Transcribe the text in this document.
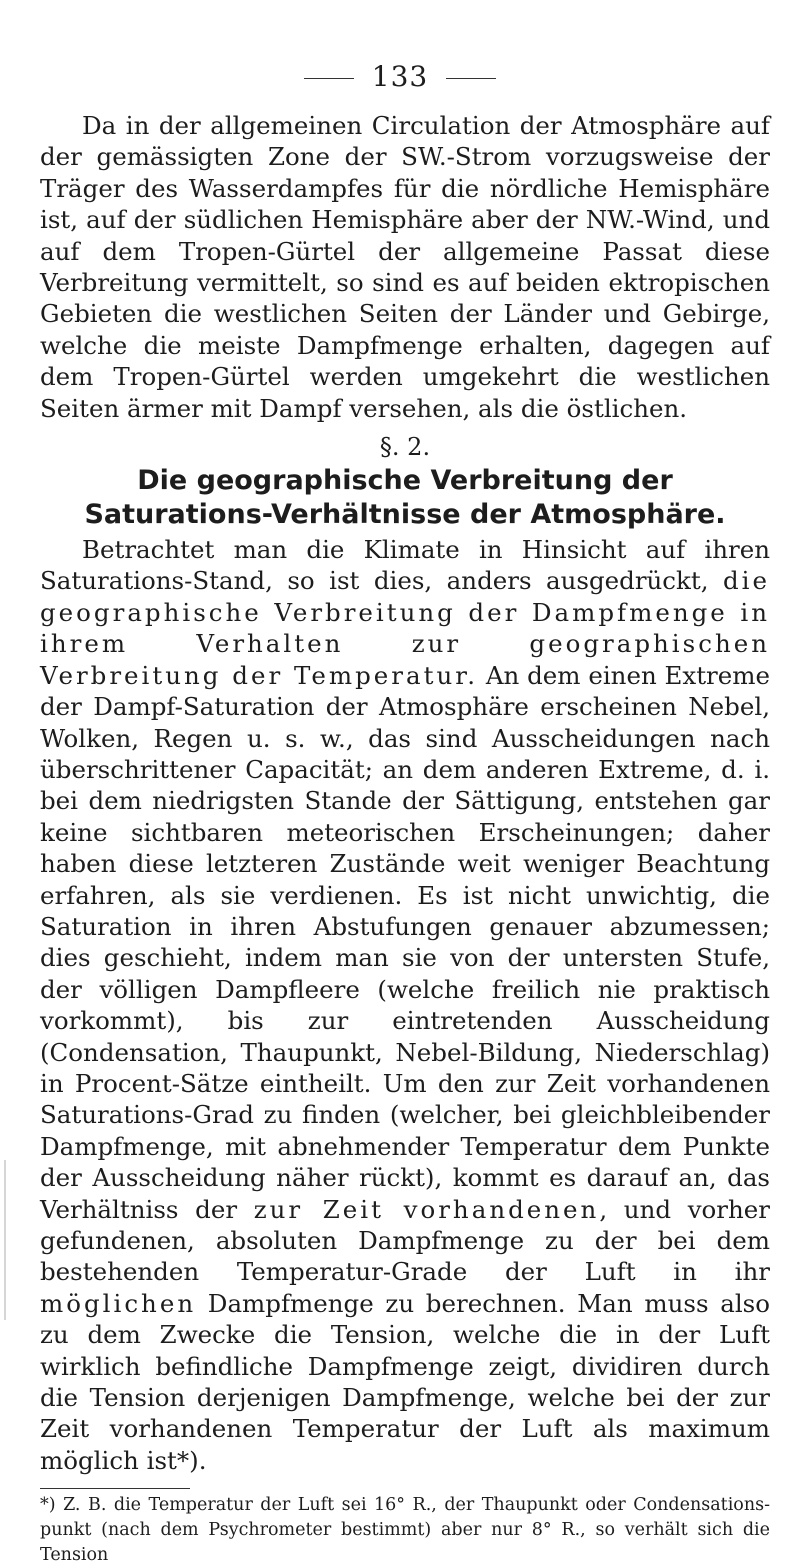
133

Da in der allgemeinen Circulation der Atmosphäre auf der gemässigten Zone der SW.-Strom vorzugsweise der Träger des Wasserdampfes für die nördliche Hemisphäre ist, auf der südlichen Hemisphäre aber der NW.-Wind, und auf dem Tropen-Gürtel der allgemeine Passat diese Verbreitung vermittelt, so sind es auf beiden ektropischen Gebieten die westlichen Seiten der Länder und Gebirge, welche die meiste Dampfmenge erhalten, dagegen auf dem Tropen-Gürtel werden umgekehrt die westlichen Seiten ärmer mit Dampf versehen, als die östlichen.

§. 2.
Die geographische Verbreitung der Saturations-Verhältnisse der Atmosphäre.

Betrachtet man die Klimate in Hinsicht auf ihren Saturations-Stand, so ist dies, anders ausgedrückt, die geographische Verbreitung der Dampfmenge in ihrem Verhalten zur geographischen Verbreitung der Temperatur. An dem einen Extreme der Dampf-Saturation der Atmosphäre erscheinen Nebel, Wolken, Regen u. s. w., das sind Ausscheidungen nach überschrittener Capacität; an dem anderen Extreme, d. i. bei dem niedrigsten Stande der Sättigung, entstehen gar keine sichtbaren meteorischen Erscheinungen; daher haben diese letzteren Zustände weit weniger Beachtung erfahren, als sie verdienen. Es ist nicht unwichtig, die Saturation in ihren Abstufungen genauer abzumessen; dies geschieht, indem man sie von der untersten Stufe, der völligen Dampfleere (welche freilich nie praktisch vorkommt), bis zur eintretenden Ausscheidung (Condensation, Thaupunkt, Nebel-Bildung, Niederschlag) in Procent-Sätze eintheilt. Um den zur Zeit vorhandenen Saturations-Grad zu finden (welcher, bei gleichbleibender Dampfmenge, mit abnehmender Temperatur dem Punkte der Ausscheidung näher rückt), kommt es darauf an, das Verhältniss der zur Zeit vorhandenen, und vorher gefundenen, absoluten Dampfmenge zu der bei dem bestehenden Temperatur-Grade der Luft in ihr möglichen Dampfmenge zu berechnen. Man muss also zu dem Zwecke die Tension, welche die in der Luft wirklich befindliche Dampfmenge zeigt, dividiren durch die Tension derjenigen Dampfmenge, welche bei der zur Zeit vorhandenen Temperatur der Luft als maximum möglich ist*).

*) Z. B. die Temperatur der Luft sei 16° R., der Thaupunkt oder Condensations-punkt (nach dem Psychrometer bestimmt) aber nur 8° R., so verhält sich die Tension
